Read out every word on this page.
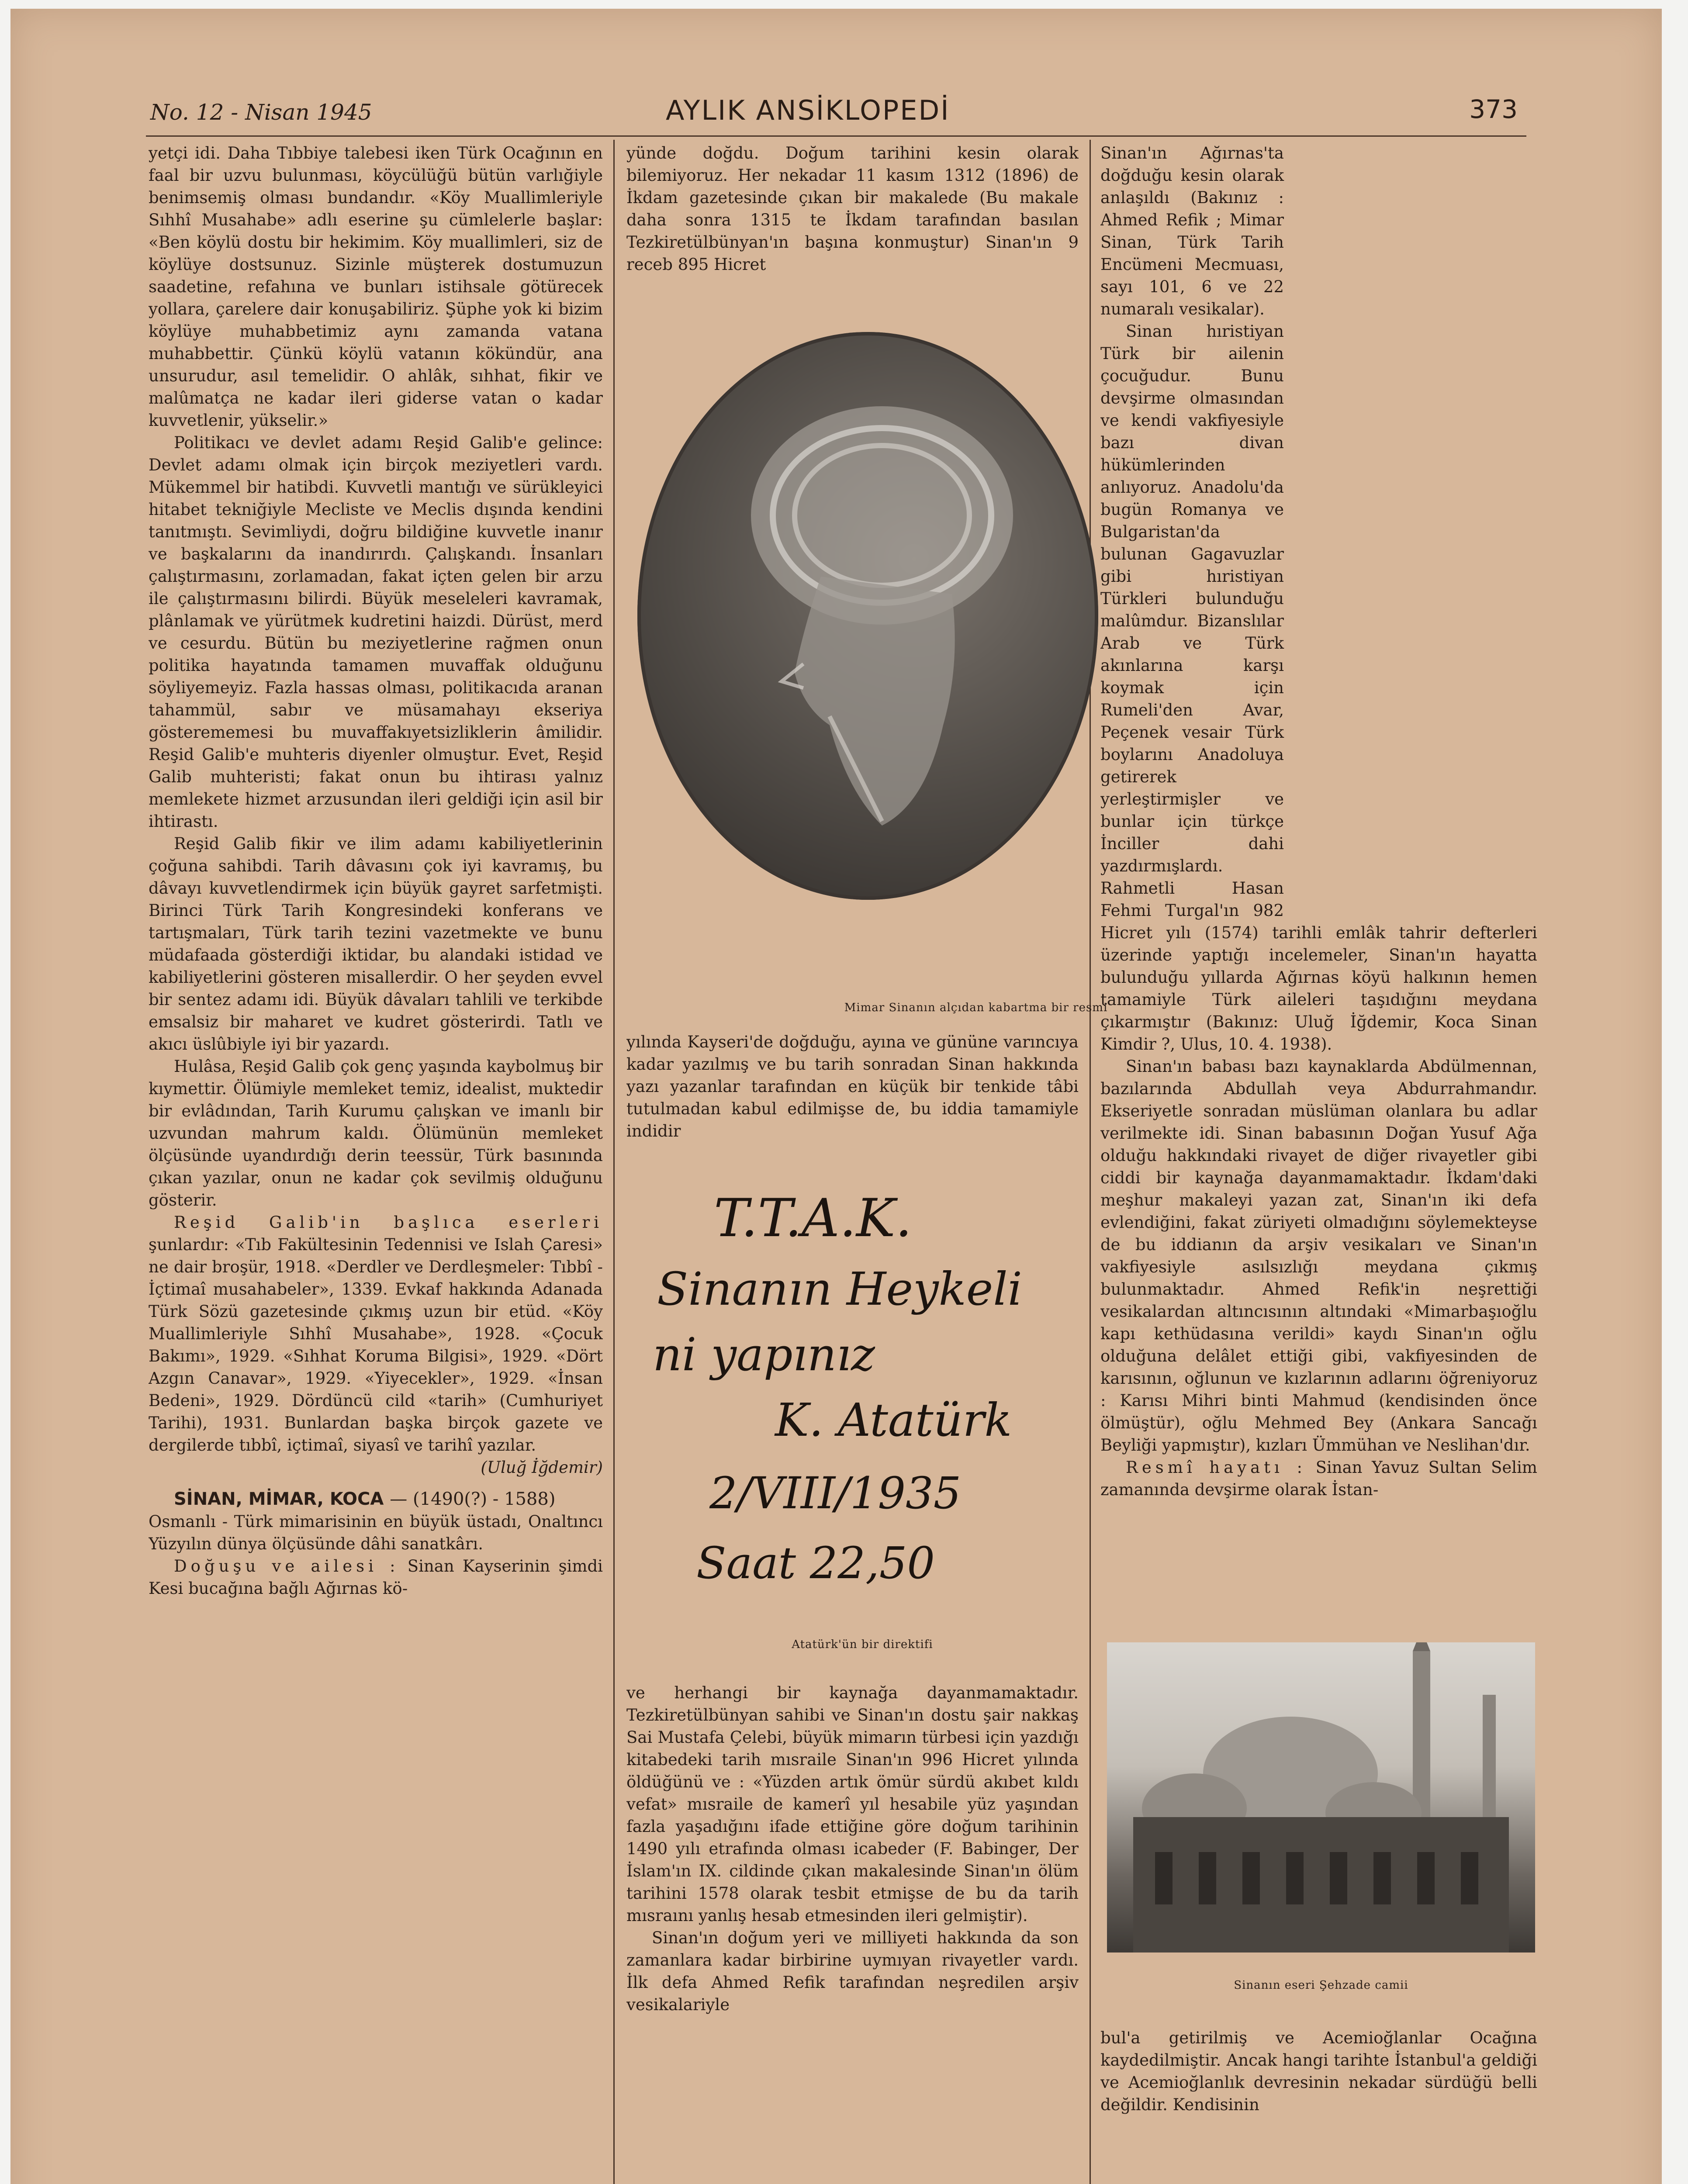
No. 12 - Nisan 1945	AYLIK ANSİKLOPEDİ	373

yetçi idi. Daha Tıbbiye talebesi iken Türk Ocağının en faal bir uzvu bulunması, köycülüğü bütün varlığiyle benimsemiş olması bundandır. «Köy Muallimleriyle Sıhhî Musahabe» adlı eserine şu cümlelerle başlar: «Ben köylü dostu bir hekimim. Köy muallimleri, siz de köylüye dostsunuz. Sizinle müşterek dostumuzun saadetine, refahına ve bunları istihsale götürecek yollara, çarelere dair konuşabiliriz. Şüphe yok ki bizim köylüye muhabbetimiz aynı zamanda vatana muhabbettir. Çünkü köylü vatanın kökündür, ana unsurudur, asıl temelidir. O ahlâk, sıhhat, fikir ve malûmatça ne kadar ileri giderse vatan o kadar kuvvetlenir, yükselir.»

Politikacı ve devlet adamı Reşid Galib'e gelince: Devlet adamı olmak için birçok meziyetleri vardı. Mükemmel bir hatibdi. Kuvvetli mantığı ve sürükleyici hitabet tekniğiyle Mecliste ve Meclis dışında kendini tanıtmıştı. Sevimliydi, doğru bildiğine kuvvetle inanır ve başkalarını da inandırırdı. Çalışkandı. İnsanları çalıştırmasını, zorlamadan, fakat içten gelen bir arzu ile çalıştırmasını bilirdi. Büyük meseleleri kavramak, plânlamak ve yürütmek kudretini haizdi. Dürüst, merd ve cesurdu. Bütün bu meziyetlerine rağmen onun politika hayatında tamamen muvaffak olduğunu söyliyemeyiz. Fazla hassas olması, politikacıda aranan tahammül, sabır ve müsamahayı ekseriya gösterememesi bu muvaffakıyetsizliklerin âmilidir. Reşid Galib'e muhteris diyenler olmuştur. Evet, Reşid Galib muhteristi; fakat onun bu ihtirası yalnız memlekete hizmet arzusundan ileri geldiği için asil bir ihtirastı.

Reşid Galib fikir ve ilim adamı kabiliyetlerinin çoğuna sahibdi. Tarih dâvasını çok iyi kavramış, bu dâvayı kuvvetlendirmek için büyük gayret sarfetmişti. Birinci Türk Tarih Kongresindeki konferans ve tartışmaları, Türk tarih tezini vazetmekte ve bunu müdafaada gösterdiği iktidar, bu alandaki istidad ve kabiliyetlerini gösteren misallerdir. O her şeyden evvel bir sentez adamı idi. Büyük dâvaları tahlili ve terkibde emsalsiz bir maharet ve kudret gösterirdi. Tatlı ve akıcı üslûbiyle iyi bir yazardı.

Hulâsa, Reşid Galib çok genç yaşında kaybolmuş bir kıymettir. Ölümiyle memleket temiz, idealist, muktedir bir evlâdından, Tarih Kurumu çalışkan ve imanlı bir uzvundan mahrum kaldı. Ölümünün memleket ölçüsünde uyandırdığı derin teessür, Türk basınında çıkan yazılar, onun ne kadar çok sevilmiş olduğunu gösterir.

Reşid Galib'in başlıca eserleri şunlardır: «Tıb Fakültesinin Tedennisi ve Islah Çaresi» ne dair broşür, 1918. «Derdler ve Derdleşmeler: Tıbbî - İçtimaî musahabeler», 1339. Evkaf hakkında Adanada Türk Sözü gazetesinde çıkmış uzun bir etüd. «Köy Muallimleriyle Sıhhî Musahabe», 1928. «Çocuk Bakımı», 1929. «Sıhhat Koruma Bilgisi», 1929. «Dört Azgın Canavar», 1929. «Yiyecekler», 1929. «İnsan Bedeni», 1929. Dördüncü cild «tarih» (Cumhuriyet Tarihi), 1931. Bunlardan başka birçok gazete ve dergilerde tıbbî, içtimaî, siyasî ve tarihî yazılar.

(Uluğ İğdemir)

SİNAN, MİMAR, KOCA — (1490(?) - 1588)

Osmanlı - Türk mimarisinin en büyük üstadı, Onaltıncı Yüzyılın dünya ölçüsünde dâhi sanatkârı.

Doğuşu ve ailesi : Sinan Kayserinin şimdi Kesi bucağına bağlı Ağırnas kö-

yünde doğdu. Doğum tarihini kesin olarak bilemiyoruz. Her nekadar 11 kasım 1312 (1896) de İkdam gazetesinde çıkan bir makalede (Bu makale daha sonra 1315 te İkdam tarafından basılan Tezkiretülbünyan'ın başına konmuştur) Sinan'ın 9 receb 895 Hicret

Mimar Sinanın alçıdan kabartma bir resmi

yılında Kayseri'de doğduğu, ayına ve gününe varıncıya kadar yazılmış ve bu tarih sonradan Sinan hakkında yazı yazanlar tarafından en küçük bir tenkide tâbi tutulmadan kabul edilmişse de, bu iddia tamamiyle indidir

T.T.A.K.
Sinanın Heykeli
ni yapınız
K. Atatürk
2/VIII/1935
Saat 22,50
Atatürk'ün bir direktifi

ve herhangi bir kaynağa dayanmamaktadır. Tezkiretülbünyan sahibi ve Sinan'ın dostu şair nakkaş Sai Mustafa Çelebi, büyük mimarın türbesi için yazdığı kitabedeki tarih mısraile Sinan'ın 996 Hicret yılında öldüğünü ve : «Yüzden artık ömür sürdü akıbet kıldı vefat» mısraile de kamerî yıl hesabile yüz yaşından fazla yaşadığını ifade ettiğine göre doğum tarihinin 1490 yılı etrafında olması icabeder (F. Babinger, Der İslam'ın IX. cildinde çıkan makalesinde Sinan'ın ölüm tarihini 1578 olarak tesbit etmişse de bu da tarih mısraını yanlış hesab etmesinden ileri gelmiştir).

Sinan'ın doğum yeri ve milliyeti hakkında da son zamanlara kadar birbirine uymıyan rivayetler vardı. İlk defa Ahmed Refik tarafından neşredilen arşiv vesikalariyle

Sinan'ın Ağırnas'ta doğduğu kesin olarak anlaşıldı (Bakınız : Ahmed Refik ; Mimar Sinan, Türk Tarih Encümeni Mecmuası, sayı 101, 6 ve 22 numaralı vesikalar).

Sinan hıristiyan Türk bir ailenin çocuğudur. Bunu devşirme olmasından ve kendi vakfiyesiyle bazı divan hükümlerinden anlıyoruz. Anadolu'da bugün Romanya ve Bulgaristan'da bulunan Gagavuzlar gibi hıristiyan Türkleri bulunduğu malûmdur. Bizanslılar Arab ve Türk akınlarına karşı koymak için Rumeli'den Avar, Peçenek vesair Türk boylarını Anadoluya getirerek yerleştirmişler ve bunlar için türkçe İnciller dahi yazdırmışlardı. Rahmetli Hasan Fehmi Turgal'ın 982 Hicret yılı (1574) tarihli emlâk tahrir defterleri üzerinde yaptığı incelemeler, Sinan'ın hayatta bulunduğu yıllarda Ağırnas köyü halkının hemen tamamiyle Türk aileleri taşıdığını meydana çıkarmıştır (Bakınız: Uluğ İğdemir, Koca Sinan Kimdir ?, Ulus, 10. 4. 1938).

Sinan'ın babası bazı kaynaklarda Abdülmennan, bazılarında Abdullah veya Abdurrahmandır. Ekseriyetle sonradan müslüman olanlara bu adlar verilmekte idi. Sinan babasının Doğan Yusuf Ağa olduğu hakkındaki rivayet de diğer rivayetler gibi ciddi bir kaynağa dayanmamaktadır. İkdam'daki meşhur makaleyi yazan zat, Sinan'ın iki defa evlendiğini, fakat züriyeti olmadığını söylemekteyse de bu iddianın da arşiv vesikaları ve Sinan'ın vakfiyesiyle asılsızlığı meydana çıkmış bulunmaktadır. Ahmed Refik'in neşrettiği vesikalardan altıncısının altındaki «Mimarbaşıoğlu kapı kethüdasına verildi» kaydı Sinan'ın oğlu olduğuna delâlet ettiği gibi, vakfiyesinden de karısının, oğlunun ve kızlarının adlarını öğreniyoruz : Karısı Mihri binti Mahmud (kendisinden önce ölmüştür), oğlu Mehmed Bey (Ankara Sancağı Beyliği yapmıştır), kızları Ümmühan ve Neslihan'dır.

Resmî hayatı : Sinan Yavuz Sultan Selim zamanında devşirme olarak İstan-

Sinanın eseri Şehzade camii

bul'a getirilmiş ve Acemioğlanlar Ocağına kaydedilmiştir. Ancak hangi tarihte İstanbul'a geldiği ve Acemioğlanlık devresinin nekadar sürdüğü belli değildir. Kendisinin
